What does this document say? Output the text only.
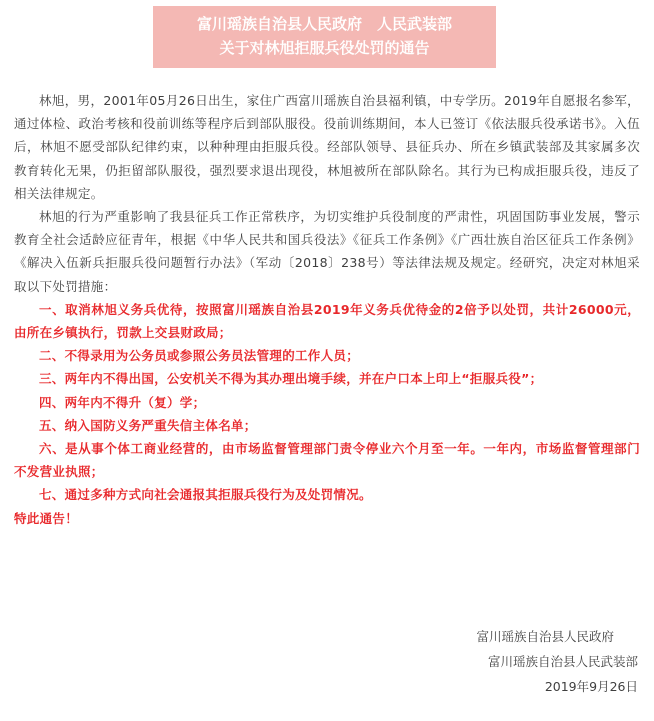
富川瑶族自治县人民政府　人民武装部
关于对林旭拒服兵役处罚的通告

林旭，男，2001年05月26日出生，家住广西富川瑶族自治县福利镇，中专学历。2019年自愿报名参军，通过体检、政治考核和役前训练等程序后到部队服役。役前训练期间，本人已签订《依法服兵役承诺书》。入伍后，林旭不愿受部队纪律约束，以种种理由拒服兵役。经部队领导、县征兵办、所在乡镇武装部及其家属多次教育转化无果，仍拒留部队服役，强烈要求退出现役，林旭被所在部队除名。其行为已构成拒服兵役，违反了相关法律规定。

林旭的行为严重影响了我县征兵工作正常秩序，为切实维护兵役制度的严肃性，巩固国防事业发展，警示教育全社会适龄应征青年，根据《中华人民共和国兵役法》《征兵工作条例》《广西壮族自治区征兵工作条例》《解决入伍新兵拒服兵役问题暂行办法》（军动〔2018〕238号）等法律法规及规定。经研究，决定对林旭采取以下处罚措施：

一、取消林旭义务兵优待，按照富川瑶族自治县2019年义务兵优待金的2倍予以处罚，共计26000元，由所在乡镇执行，罚款上交县财政局；

二、不得录用为公务员或参照公务员法管理的工作人员；

三、两年内不得出国，公安机关不得为其办理出境手续，并在户口本上印上“拒服兵役”；

四、两年内不得升（复）学；

五、纳入国防义务严重失信主体名单；

六、是从事个体工商业经营的，由市场监督管理部门责令停业六个月至一年。一年内，市场监督管理部门不发营业执照；

七、通过多种方式向社会通报其拒服兵役行为及处罚情况。

特此通告！

富川瑶族自治县人民政府
富川瑶族自治县人民武装部
2019年9月26日
